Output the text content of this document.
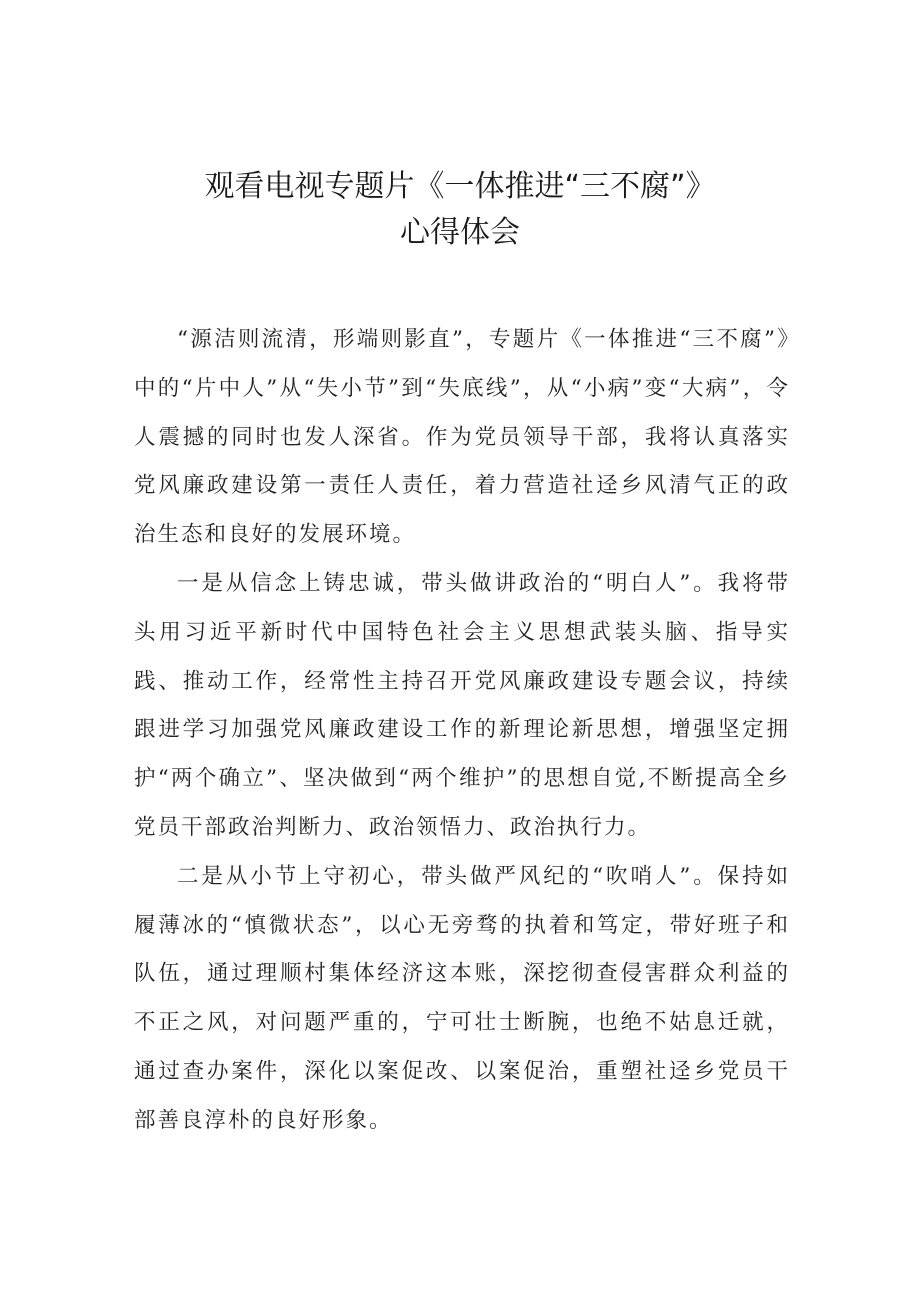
观看电视专题片《一体推进“三不腐”》
心得体会

“源洁则流清，形端则影直”，专题片《一体推进“三不腐”》中的“片中人”从“失小节”到“失底线”，从“小病”变“大病”，令人震撼的同时也发人深省。作为党员领导干部，我将认真落实党风廉政建设第一责任人责任，着力营造社迳乡风清气正的政治生态和良好的发展环境。

一是从信念上铸忠诚，带头做讲政治的“明白人”。我将带头用习近平新时代中国特色社会主义思想武装头脑、指导实践、推动工作，经常性主持召开党风廉政建设专题会议，持续跟进学习加强党风廉政建设工作的新理论新思想，增强坚定拥护“两个确立”、坚决做到“两个维护”的思想自觉,不断提高全乡党员干部政治判断力、政治领悟力、政治执行力。

二是从小节上守初心，带头做严风纪的“吹哨人”。保持如履薄冰的“慎微状态”，以心无旁骛的执着和笃定，带好班子和队伍，通过理顺村集体经济这本账，深挖彻查侵害群众利益的不正之风，对问题严重的，宁可壮士断腕，也绝不姑息迁就，通过查办案件，深化以案促改、以案促治，重塑社迳乡党员干部善良淳朴的良好形象。
